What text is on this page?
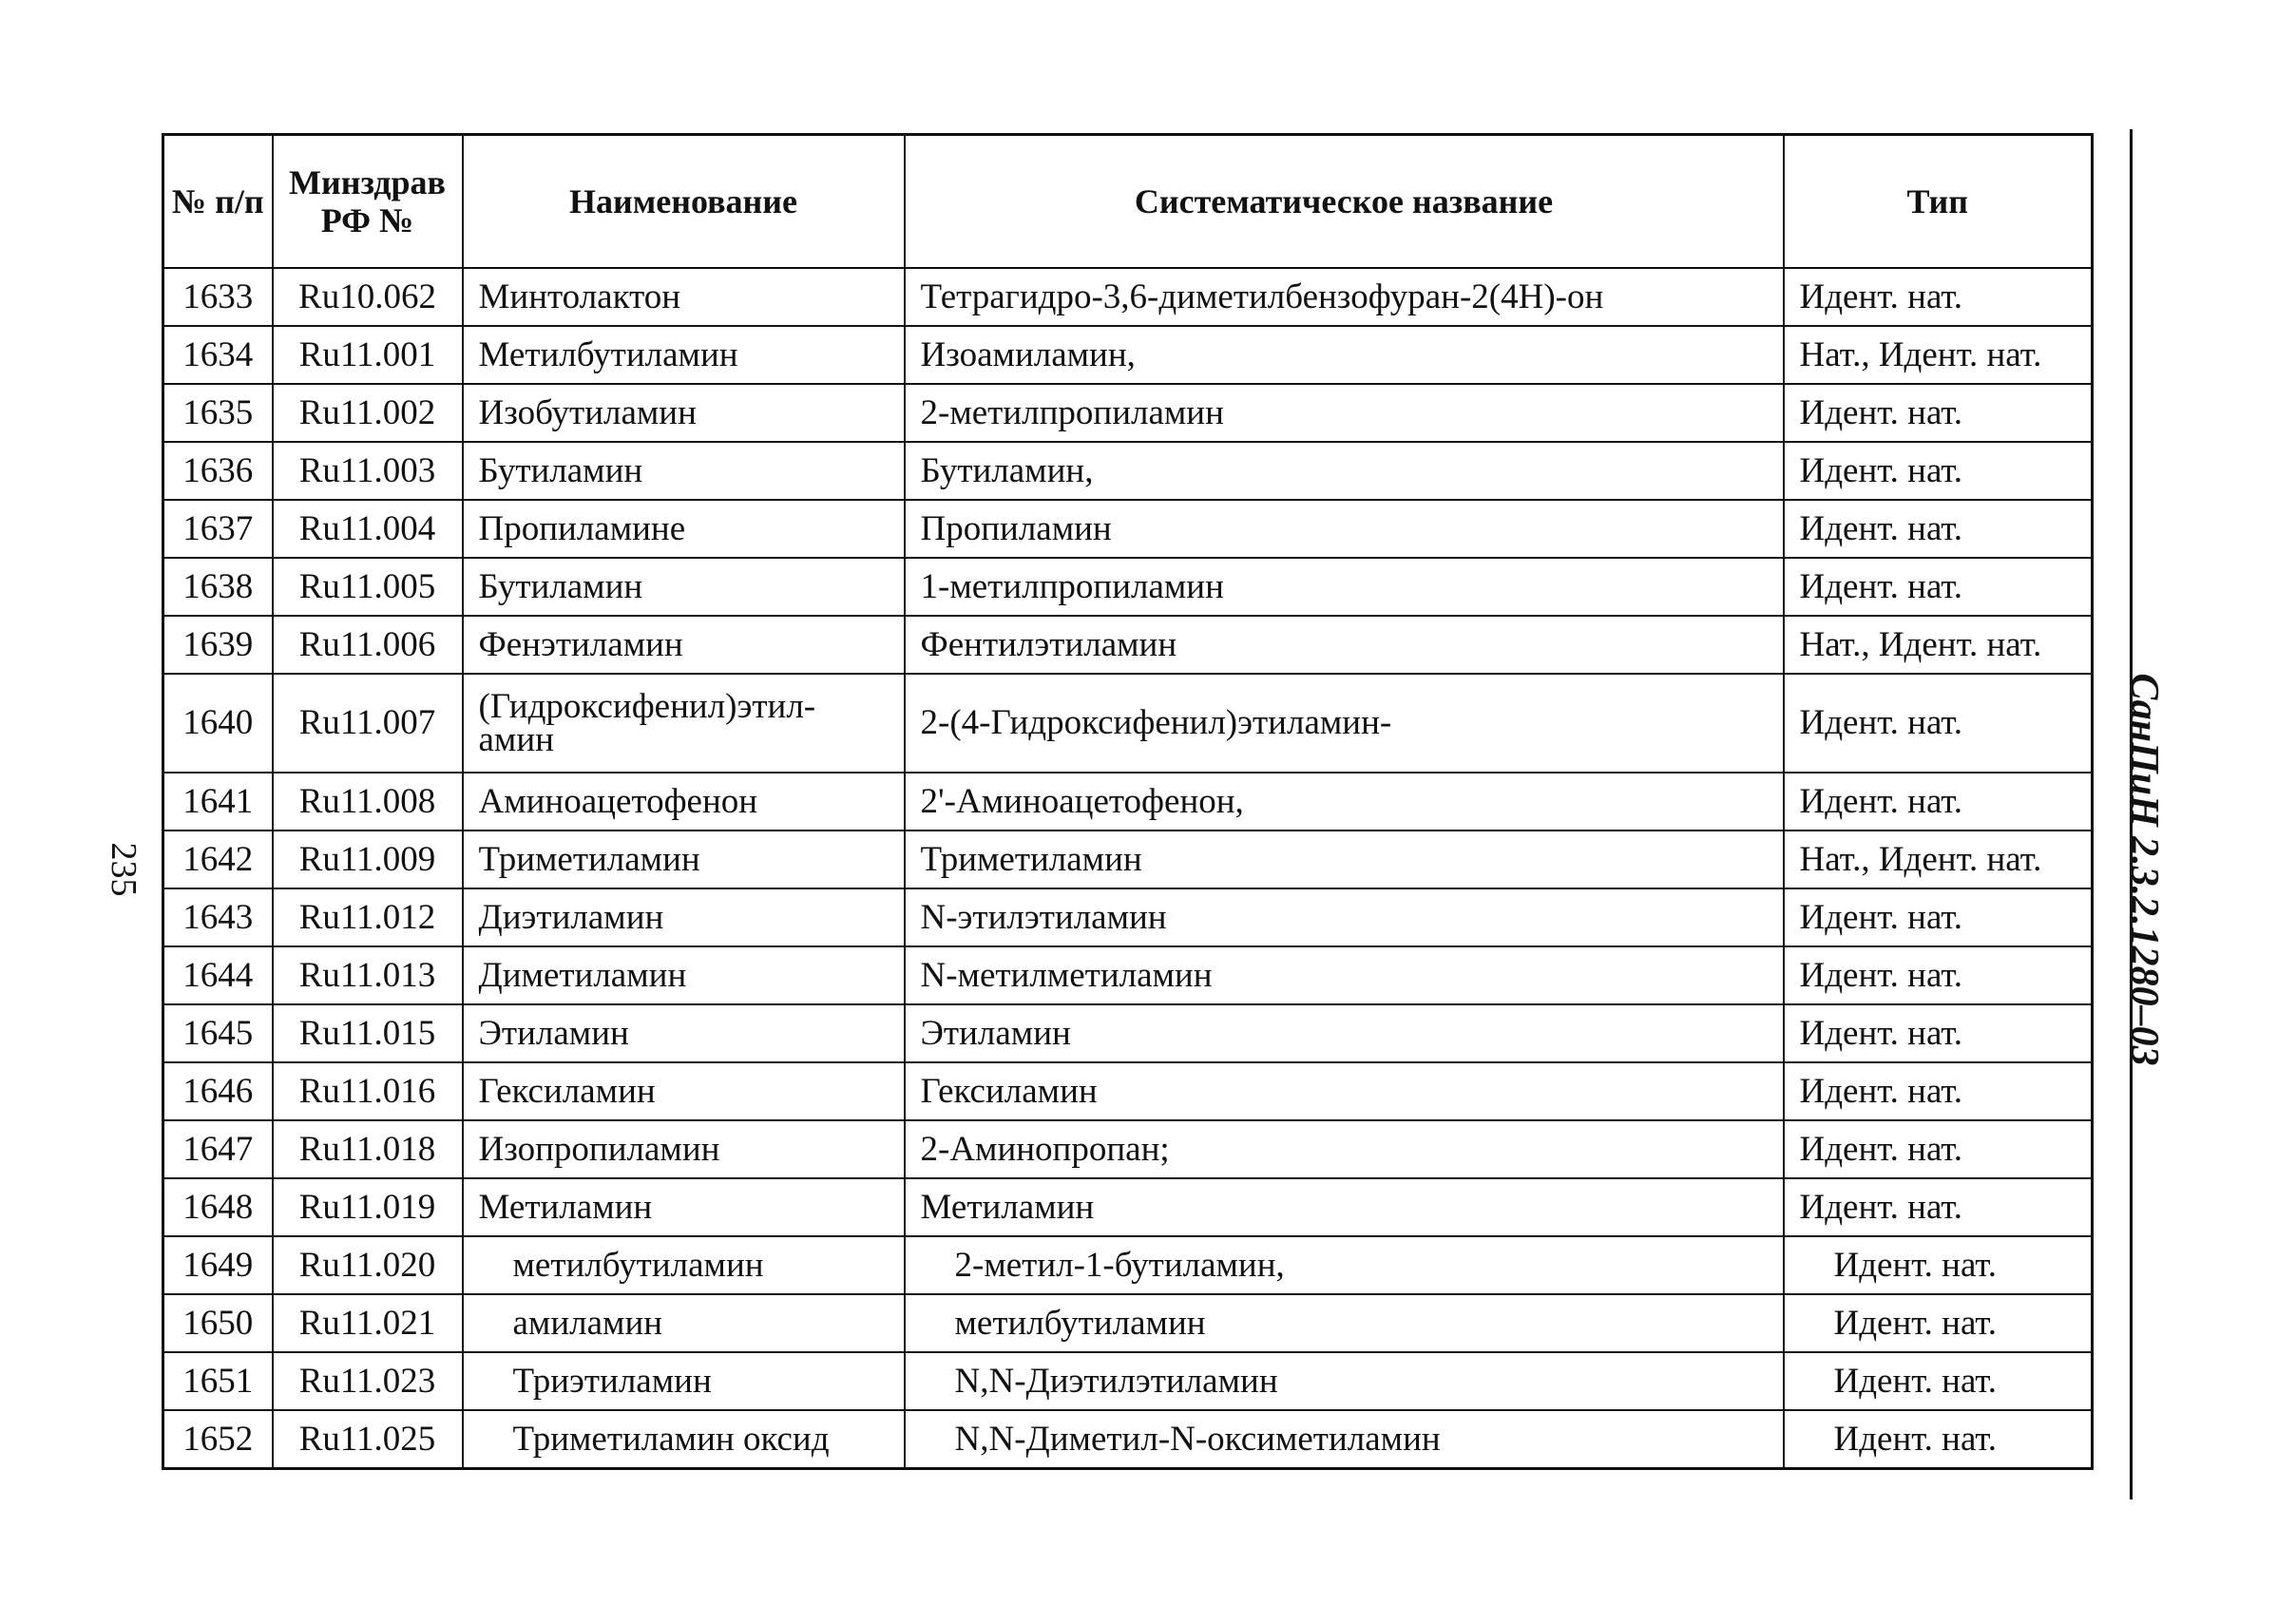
235
№ п/п	Минздрав РФ №	Наименование	Систематическое название	Тип
1633	Ru10.062	Минтолактон	Тетрагидро-3,6-диметилбензофуран-2(4Н)-он	Идент. нат.
1634	Ru11.001	Метилбутиламин	Изоамиламин,	Нат., Идент. нат.
1635	Ru11.002	Изобутиламин	2-метилпропиламин	Идент. нат.
1636	Ru11.003	Бутиламин	Бутиламин,	Идент. нат.
1637	Ru11.004	Пропиламине	Пропиламин	Идент. нат.
1638	Ru11.005	Бутиламин	1-метилпропиламин	Идент. нат.
1639	Ru11.006	Фенэтиламин	Фентилэтиламин	Нат., Идент. нат.
1640	Ru11.007	(Гидроксифенил)этил-амин	2-(4-Гидроксифенил)этиламин-	Идент. нат.
1641	Ru11.008	Аминоацетофенон	2'-Аминоацетофенон,	Идент. нат.
1642	Ru11.009	Триметиламин	Триметиламин	Нат., Идент. нат.
1643	Ru11.012	Диэтиламин	N-этилэтиламин	Идент. нат.
1644	Ru11.013	Диметиламин	N-метилметиламин	Идент. нат.
1645	Ru11.015	Этиламин	Этиламин	Идент. нат.
1646	Ru11.016	Гексиламин	Гексиламин	Идент. нат.
1647	Ru11.018	Изопропиламин	2-Аминопропан;	Идент. нат.
1648	Ru11.019	Метиламин	Метиламин	Идент. нат.
1649	Ru11.020	метилбутиламин	2-метил-1-бутиламин,	Идент. нат.
1650	Ru11.021	амиламин	метилбутиламин	Идент. нат.
1651	Ru11.023	Триэтиламин	N,N-Диэтилэтиламин	Идент. нат.
1652	Ru11.025	Триметиламин оксид	N,N-Диметил-N-оксиметиламин	Идент. нат.
СанПиН 2.3.2.1280–03
